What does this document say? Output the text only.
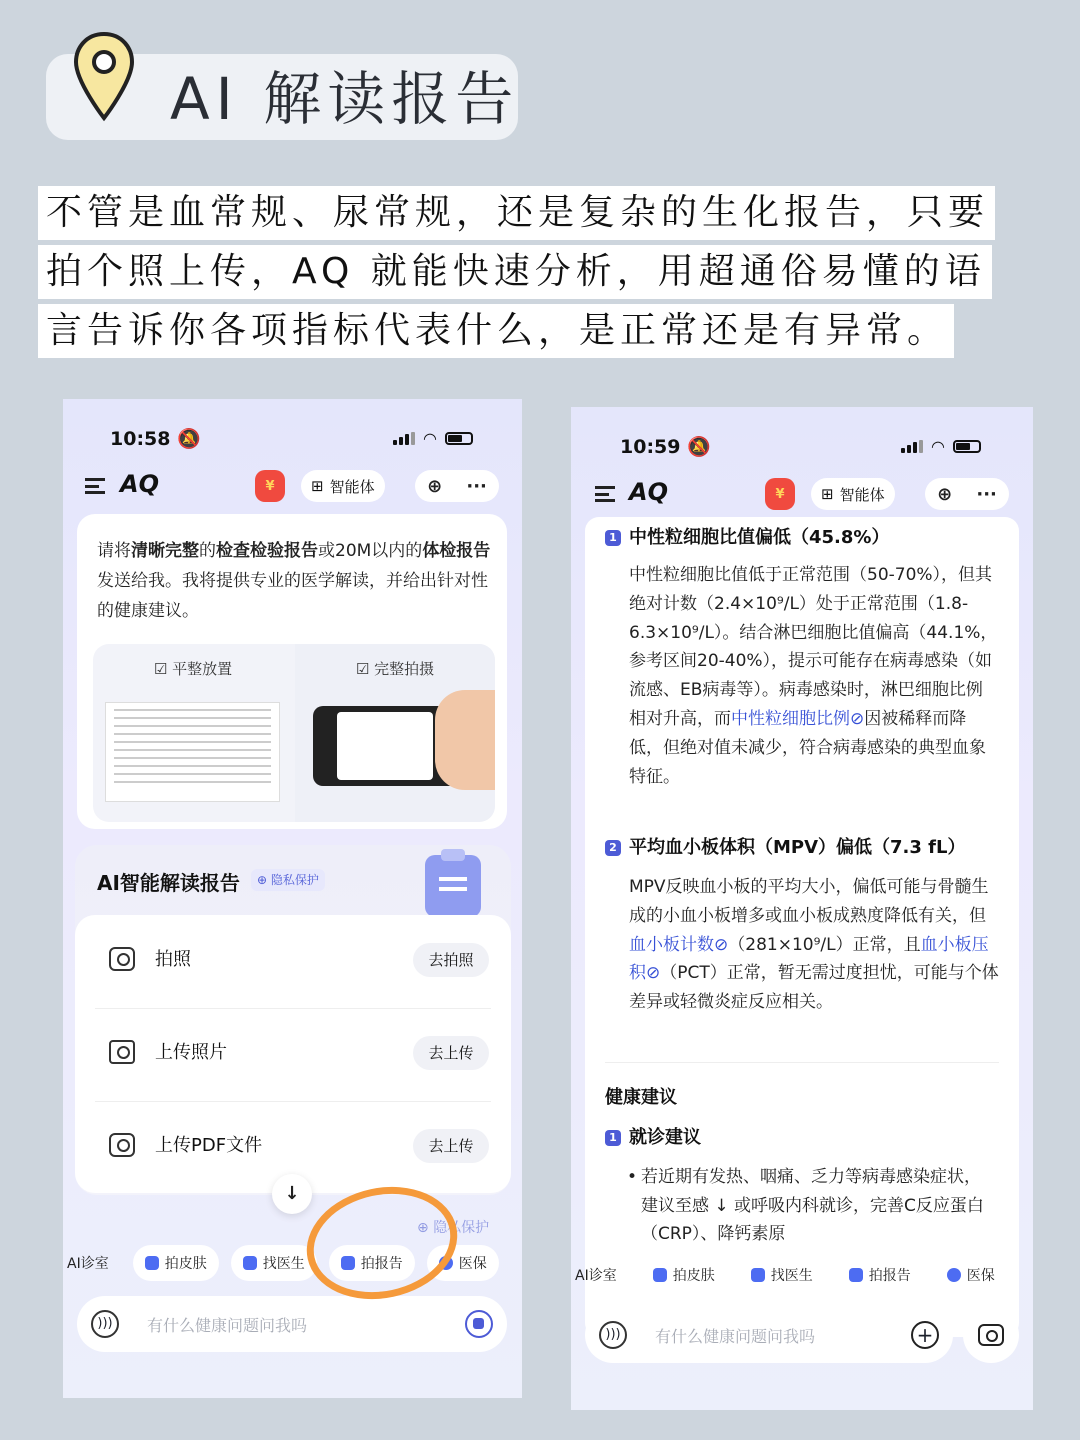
AI 解读报告
不管是血常规、尿常规，还是复杂的生化报告，只要
拍个照上传，AQ 就能快速分析，用超通俗易懂的语
言告诉你各项指标代表什么，是正常还是有异常。
10:58 🔕	◠
AQ	¥	⊞ 智能体	⊕ ···
请将清晰完整的检查检验报告或20M以内的体检报告发送给我。我将提供专业的医学解读，并给出针对性的健康建议。
☑ 平整放置	☑ 完整拍摄
AI智能解读报告	⊕ 隐私保护
拍照	去拍照
上传照片	去上传
上传PDF文件	去上传
↓
⊕ 隐私保护
AI诊室	拍皮肤	找医生	拍报告	医保
)))	有什么健康问题问我吗
10:59 🔕	◠
AQ	¥	⊞ 智能体	⊕ ···
1 中性粒细胞比值偏低（45.8%）
中性粒细胞比值低于正常范围（50-70%），但其绝对计数（2.4×10⁹/L）处于正常范围（1.8-6.3×10⁹/L）。结合淋巴细胞比值偏高（44.1%，参考区间20-40%），提示可能存在病毒感染（如流感、EB病毒等）。病毒感染时，淋巴细胞比例相对升高，而中性粒细胞比例⊘因被稀释而降低，但绝对值未减少，符合病毒感染的典型血象特征。
2 平均血小板体积（MPV）偏低（7.3 fL）
MPV反映血小板的平均大小，偏低可能与骨髓生成的小血小板增多或血小板成熟度降低有关，但血小板计数⊘（281×10⁹/L）正常，且血小板压积⊘（PCT）正常，暂无需过度担忧，可能与个体差异或轻微炎症反应相关。
健康建议
1 就诊建议
• 若近期有发热、咽痛、乏力等病毒感染症状，建议至感 ↓ 或呼吸内科就诊，完善C反应蛋白（CRP）、降钙素原
AI诊室	拍皮肤	找医生	拍报告	医保
)))	有什么健康问题问我吗	+
